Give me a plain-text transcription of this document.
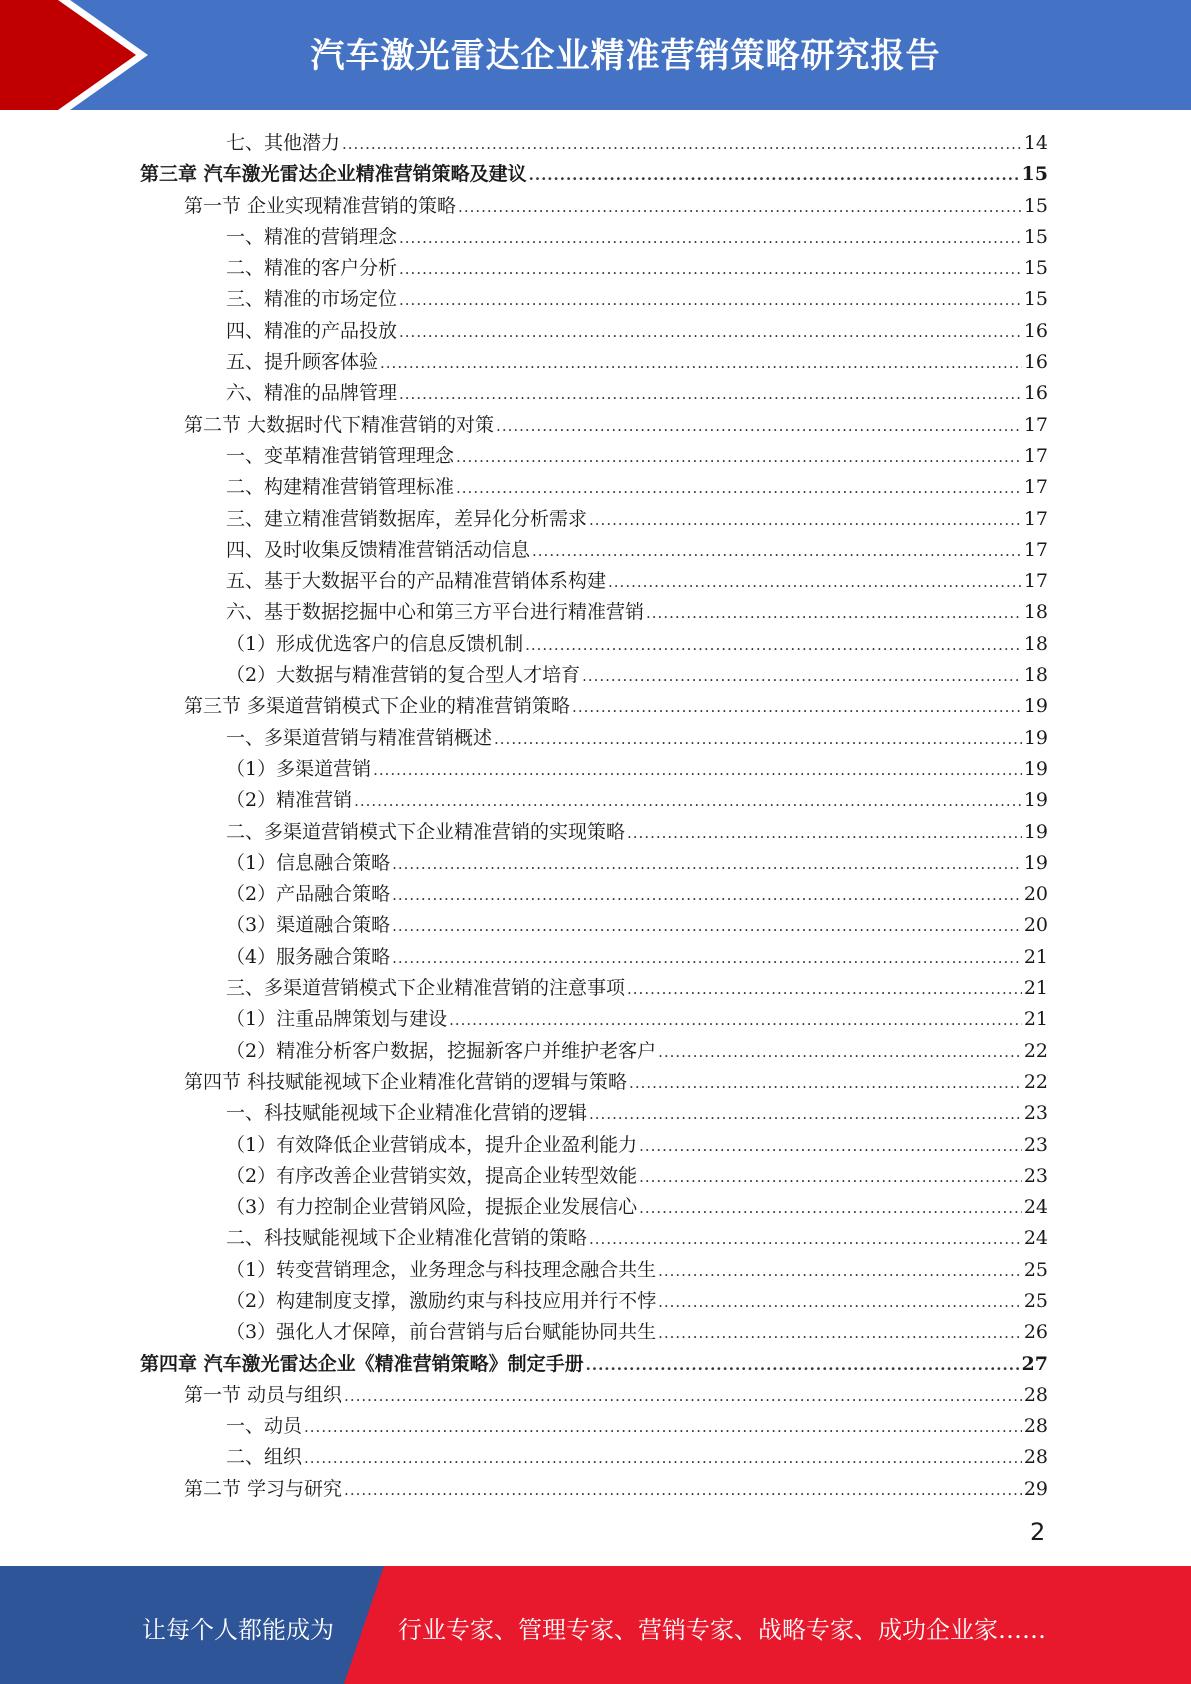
汽车激光雷达企业精准营销策略研究报告
七、其他潜力 .....	14
第三章 汽车激光雷达企业精准营销策略及建议 .....	15
第一节 企业实现精准营销的策略 .....	15
一、精准的营销理念 .....	15
二、精准的客户分析 .....	15
三、精准的市场定位 .....	15
四、精准的产品投放 .....	16
五、提升顾客体验 .....	16
六、精准的品牌管理 .....	16
第二节 大数据时代下精准营销的对策 .....	17
一、变革精准营销管理理念 .....	17
二、构建精准营销管理标准 .....	17
三、建立精准营销数据库，差异化分析需求 .....	17
四、及时收集反馈精准营销活动信息 .....	17
五、基于大数据平台的产品精准营销体系构建 .....	17
六、基于数据挖掘中心和第三方平台进行精准营销 .....	18
（1）形成优选客户的信息反馈机制 .....	18
（2）大数据与精准营销的复合型人才培育 .....	18
第三节 多渠道营销模式下企业的精准营销策略 .....	19
一、多渠道营销与精准营销概述 .....	19
（1）多渠道营销 .....	19
（2）精准营销 .....	19
二、多渠道营销模式下企业精准营销的实现策略 .....	19
（1）信息融合策略 .....	19
（2）产品融合策略 .....	20
（3）渠道融合策略 .....	20
（4）服务融合策略 .....	21
三、多渠道营销模式下企业精准营销的注意事项 .....	21
（1）注重品牌策划与建设 .....	21
（2）精准分析客户数据，挖掘新客户并维护老客户 .....	22
第四节 科技赋能视域下企业精准化营销的逻辑与策略 .....	22
一、科技赋能视域下企业精准化营销的逻辑 .....	23
（1）有效降低企业营销成本，提升企业盈利能力 .....	23
（2）有序改善企业营销实效，提高企业转型效能 .....	23
（3）有力控制企业营销风险，提振企业发展信心 .....	24
二、科技赋能视域下企业精准化营销的策略 .....	24
（1）转变营销理念，业务理念与科技理念融合共生 .....	25
（2）构建制度支撑，激励约束与科技应用并行不悖 .....	25
（3）强化人才保障，前台营销与后台赋能协同共生 .....	26
第四章 汽车激光雷达企业《精准营销策略》制定手册 .....	27
第一节 动员与组织 .....	28
一、动员 .....	28
二、组织 .....	28
第二节 学习与研究 .....	29
2
让每个人都能成为	行业专家、管理专家、营销专家、战略专家、成功企业家……
